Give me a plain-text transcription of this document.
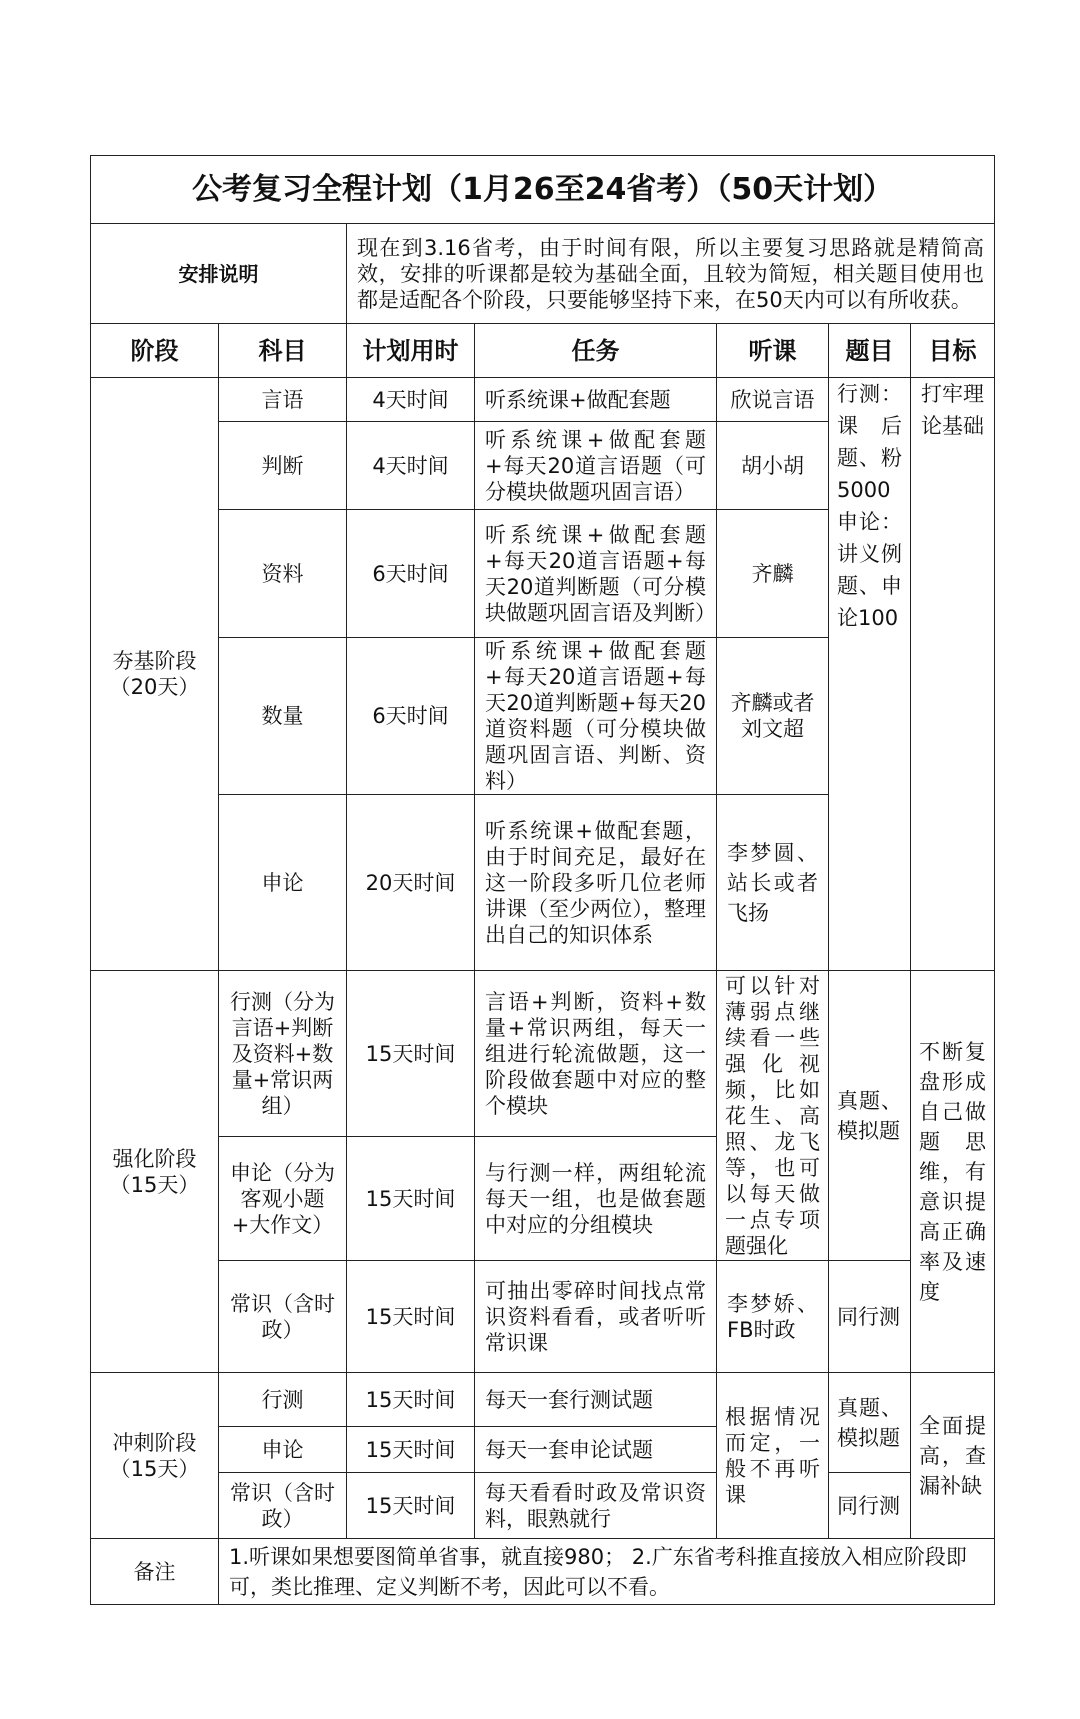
公考复习全程计划（1月26至24省考）（50天计划）						
安排说明		现在到3.16省考，由于时间有限，所以主要复习思路就是精简高效，安排的听课都是较为基础全面，且较为简短，相关题目使用也都是适配各个阶段，只要能够坚持下来，在50天内可以有所收获。				
阶段	科目	计划用时	任务	听课	题目	目标
夯基阶段（20天）	言语	4天时间	听系统课+做配套题	欣说言语	行测：课后题、粉5000 申论：讲义例题、申论100	打牢理论基础
	判断	4天时间	听系统课+做配套题+每天20道言语题（可分模块做题巩固言语）	胡小胡		
	资料	6天时间	听系统课+做配套题+每天20道言语题+每天20道判断题（可分模块做题巩固言语及判断）	齐麟		
	数量	6天时间	听系统课+做配套题+每天20道言语题+每天20道判断题+每天20道资料题（可分模块做题巩固言语、判断、资料）	齐麟或者刘文超		
	申论	20天时间	听系统课+做配套题，由于时间充足，最好在这一阶段多听几位老师讲课（至少两位），整理出自己的知识体系	李梦圆、站长或者飞扬		
强化阶段（15天）	行测（分为言语+判断及资料+数量+常识两组）	15天时间	言语+判断，资料+数量+常识两组，每天一组进行轮流做题，这一阶段做套题中对应的整个模块	可以针对薄弱点继续看一些强化视频，比如花生、高照、龙飞等，也可以每天做一点专项题强化	真题、模拟题	不断复盘形成自己做题思维，有意识提高正确率及速度
	申论（分为客观小题+大作文）	15天时间	与行测一样，两组轮流每天一组，也是做套题中对应的分组模块			
	常识（含时政）	15天时间	可抽出零碎时间找点常识资料看看，或者听听常识课	李梦娇、FB时政	同行测	
冲刺阶段（15天）	行测	15天时间	每天一套行测试题	根据情况而定，一般不再听课	真题、模拟题	全面提高，查漏补缺
	申论	15天时间	每天一套申论试题			
	常识（含时政）	15天时间	每天看看时政及常识资料，眼熟就行		同行测	
备注	1.听课如果想要图简单省事，就直接980； 2.广东省考科推直接放入相应阶段即可，类比推理、定义判断不考，因此可以不看。					
